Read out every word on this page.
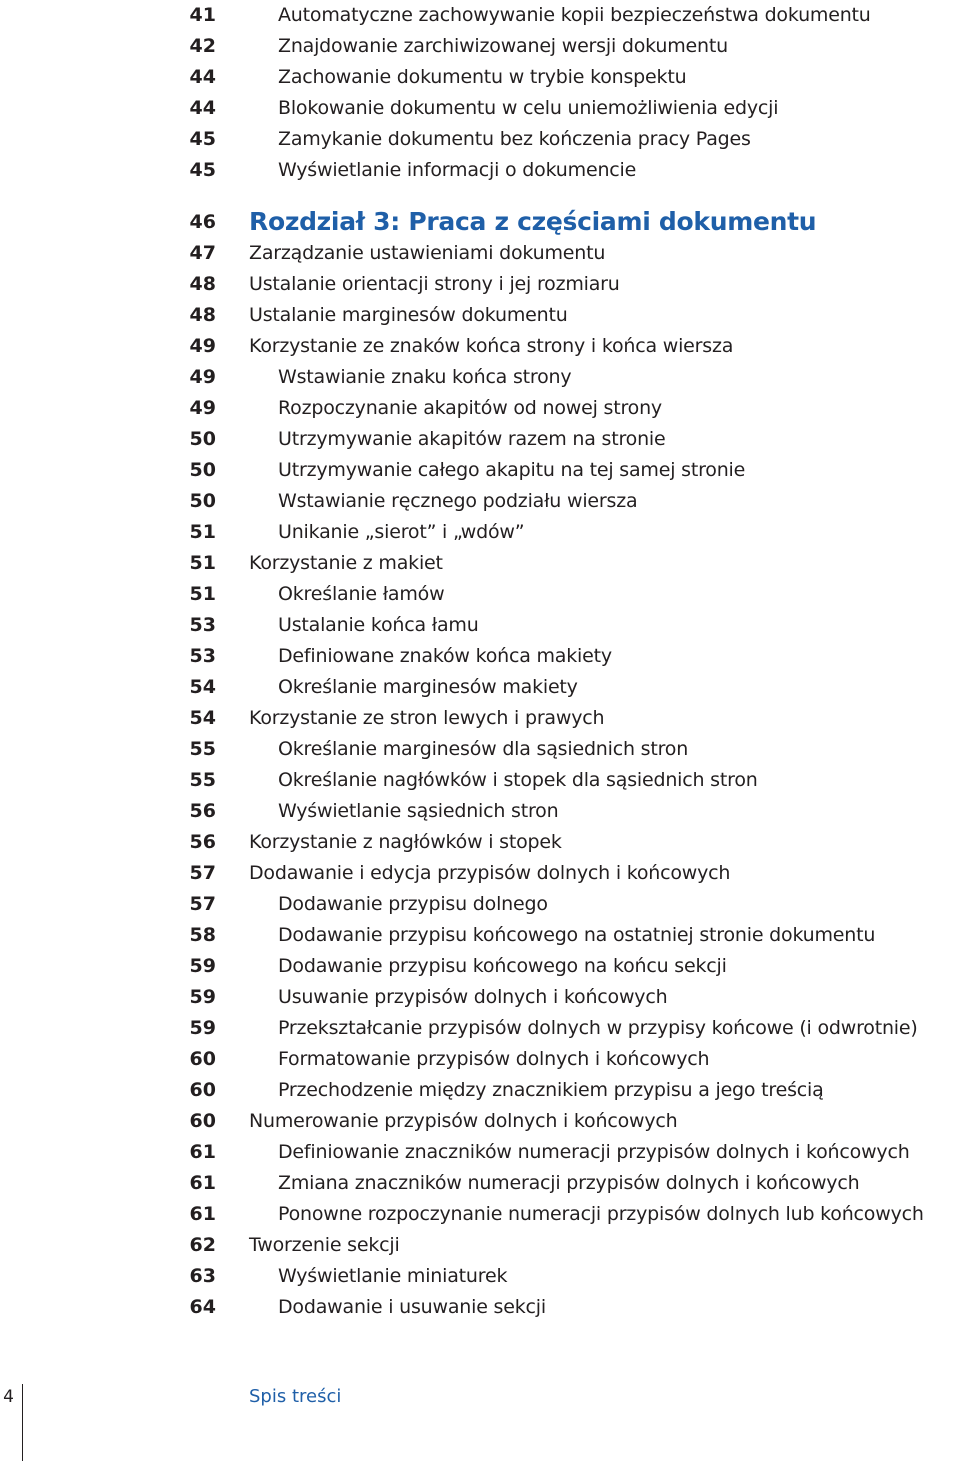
41	Automatyczne zachowywanie kopii bezpieczeństwa dokumentu
42	Znajdowanie zarchiwizowanej wersji dokumentu
44	Zachowanie dokumentu w trybie konspektu
44	Blokowanie dokumentu w celu uniemożliwienia edycji
45	Zamykanie dokumentu bez kończenia pracy Pages
45	Wyświetlanie informacji o dokumencie
46 Rozdział 3: Praca z częściami dokumentu
47 Zarządzanie ustawieniami dokumentu
48 Ustalanie orientacji strony i jej rozmiaru
48 Ustalanie marginesów dokumentu
49 Korzystanie ze znaków końca strony i końca wiersza
49	Wstawianie znaku końca strony
49	Rozpoczynanie akapitów od nowej strony
50	Utrzymywanie akapitów razem na stronie
50	Utrzymywanie całego akapitu na tej samej stronie
50	Wstawianie ręcznego podziału wiersza
51	Unikanie „sierot” i „wdów”
51 Korzystanie z makiet
51	Określanie łamów
53	Ustalanie końca łamu
53	Definiowane znaków końca makiety
54	Określanie marginesów makiety
54 Korzystanie ze stron lewych i prawych
55	Określanie marginesów dla sąsiednich stron
55	Określanie nagłówków i stopek dla sąsiednich stron
56	Wyświetlanie sąsiednich stron
56 Korzystanie z nagłówków i stopek
57 Dodawanie i edycja przypisów dolnych i końcowych
57	Dodawanie przypisu dolnego
58	Dodawanie przypisu końcowego na ostatniej stronie dokumentu
59	Dodawanie przypisu końcowego na końcu sekcji
59	Usuwanie przypisów dolnych i końcowych
59	Przekształcanie przypisów dolnych w przypisy końcowe (i odwrotnie)
60	Formatowanie przypisów dolnych i końcowych
60	Przechodzenie między znacznikiem przypisu a jego treścią
60 Numerowanie przypisów dolnych i końcowych
61	Definiowanie znaczników numeracji przypisów dolnych i końcowych
61	Zmiana znaczników numeracji przypisów dolnych i końcowych
61	Ponowne rozpoczynanie numeracji przypisów dolnych lub końcowych
62 Tworzenie sekcji
63	Wyświetlanie miniaturek
64	Dodawanie i usuwanie sekcji
4	Spis treści
